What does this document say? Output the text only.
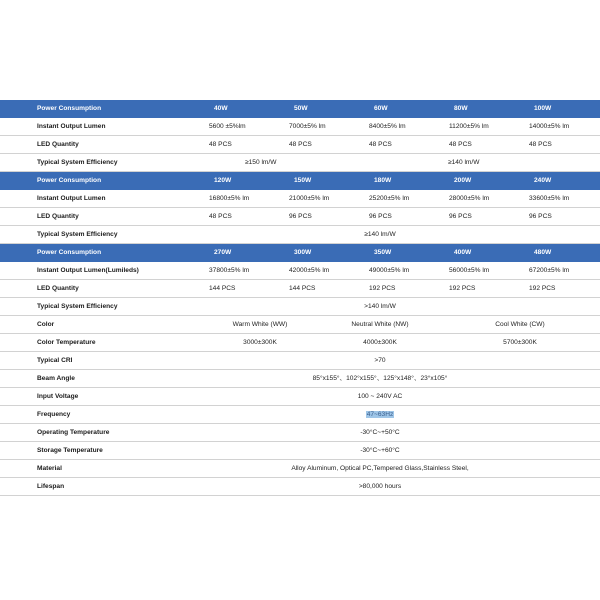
Power Consumption	40W	50W	60W	80W	100W
Instant Output Lumen	5600 ±5%lm	7000±5% lm	8400±5% lm	11200±5% lm	14000±5% lm
LED Quantity	48 PCS	48 PCS	48 PCS	48 PCS	48 PCS
Typical System Efficiency	≥150 lm/W	≥140 lm/W
Power Consumption	120W	150W	180W	200W	240W
Instant Output Lumen	16800±5% lm	21000±5% lm	25200±5% lm	28000±5% lm	33600±5% lm
LED Quantity	48 PCS	96 PCS	96 PCS	96 PCS	96 PCS
Typical System Efficiency	≥140 lm/W
Power Consumption	270W	300W	350W	400W	480W
Instant Output Lumen(Lumileds)	37800±5% lm	42000±5% lm	49000±5% lm	56000±5% lm	67200±5% lm
LED Quantity	144 PCS	144 PCS	192 PCS	192 PCS	192 PCS
Typical System Efficiency	>140 lm/W
Color	Warm White (WW)	Neutral White (NW)	Cool White (CW)
Color Temperature	3000±300K	4000±300K	5700±300K
Typical CRI	>70
Beam Angle	85°x155°、102°x155°、125°x148°、23°x105°
Input Voltage	100 ~ 240V AC
Frequency	47~63Hz
Operating Temperature	-30°C~+50°C
Storage Temperature	-30°C~+60°C
Material	Alloy Aluminum, Optical PC,Tempered Glass,Stainless Steel,
Lifespan	>80,000 hours
